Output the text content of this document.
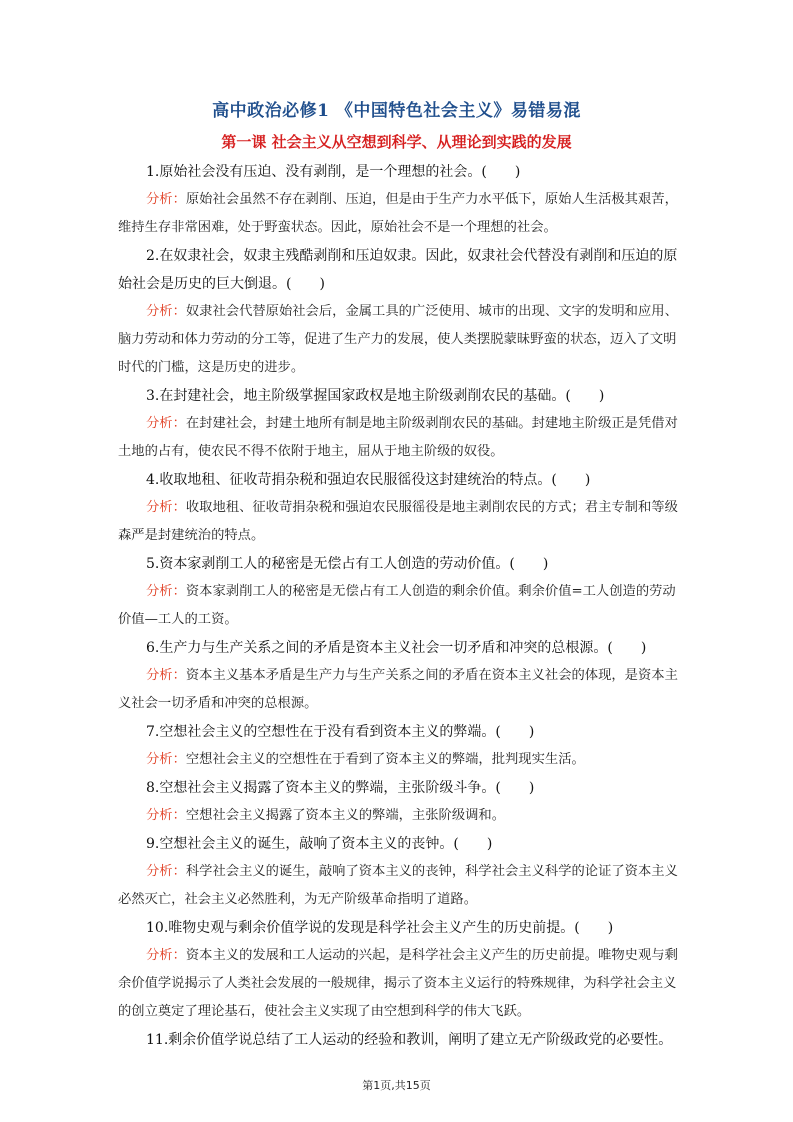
高中政治必修1 《中国特色社会主义》易错易混
第一课 社会主义从空想到科学、从理论到实践的发展

1.原始社会没有压迫、没有剥削，是一个理想的社会。(　　)

分析：原始社会虽然不存在剥削、压迫，但是由于生产力水平低下，原始人生活极其艰苦，维持生存非常困难，处于野蛮状态。因此，原始社会不是一个理想的社会。

2.在奴隶社会，奴隶主残酷剥削和压迫奴隶。因此，奴隶社会代替没有剥削和压迫的原始社会是历史的巨大倒退。(　　)

分析：奴隶社会代替原始社会后，金属工具的广泛使用、城市的出现、文字的发明和应用、脑力劳动和体力劳动的分工等，促进了生产力的发展，使人类摆脱蒙昧野蛮的状态，迈入了文明时代的门槛，这是历史的进步。

3.在封建社会，地主阶级掌握国家政权是地主阶级剥削农民的基础。(　　)

分析：在封建社会，封建土地所有制是地主阶级剥削农民的基础。封建地主阶级正是凭借对土地的占有，使农民不得不依附于地主，屈从于地主阶级的奴役。

4.收取地租、征收苛捐杂税和强迫农民服徭役这封建统治的特点。(　　)

分析：收取地租、征收苛捐杂税和强迫农民服徭役是地主剥削农民的方式；君主专制和等级森严是封建统治的特点。

5.资本家剥削工人的秘密是无偿占有工人创造的劳动价值。(　　)

分析：资本家剥削工人的秘密是无偿占有工人创造的剩余价值。剩余价值=工人创造的劳动价值—工人的工资。

6.生产力与生产关系之间的矛盾是资本主义社会一切矛盾和冲突的总根源。(　　)

分析：资本主义基本矛盾是生产力与生产关系之间的矛盾在资本主义社会的体现，是资本主义社会一切矛盾和冲突的总根源。

7.空想社会主义的空想性在于没有看到资本主义的弊端。(　　)

分析：空想社会主义的空想性在于看到了资本主义的弊端，批判现实生活。

8.空想社会主义揭露了资本主义的弊端，主张阶级斗争。(　　)

分析：空想社会主义揭露了资本主义的弊端，主张阶级调和。

9.空想社会主义的诞生，敲响了资本主义的丧钟。(　　)

分析：科学社会主义的诞生，敲响了资本主义的丧钟，科学社会主义科学的论证了资本主义必然灭亡，社会主义必然胜利，为无产阶级革命指明了道路。

10.唯物史观与剩余价值学说的发现是科学社会主义产生的历史前提。(　　)

分析：资本主义的发展和工人运动的兴起，是科学社会主义产生的历史前提。唯物史观与剩余价值学说揭示了人类社会发展的一般规律，揭示了资本主义运行的特殊规律，为科学社会主义的创立奠定了理论基石，使社会主义实现了由空想到科学的伟大飞跃。

11.剩余价值学说总结了工人运动的经验和教训，阐明了建立无产阶级政党的必要性。

第1页,共15页
